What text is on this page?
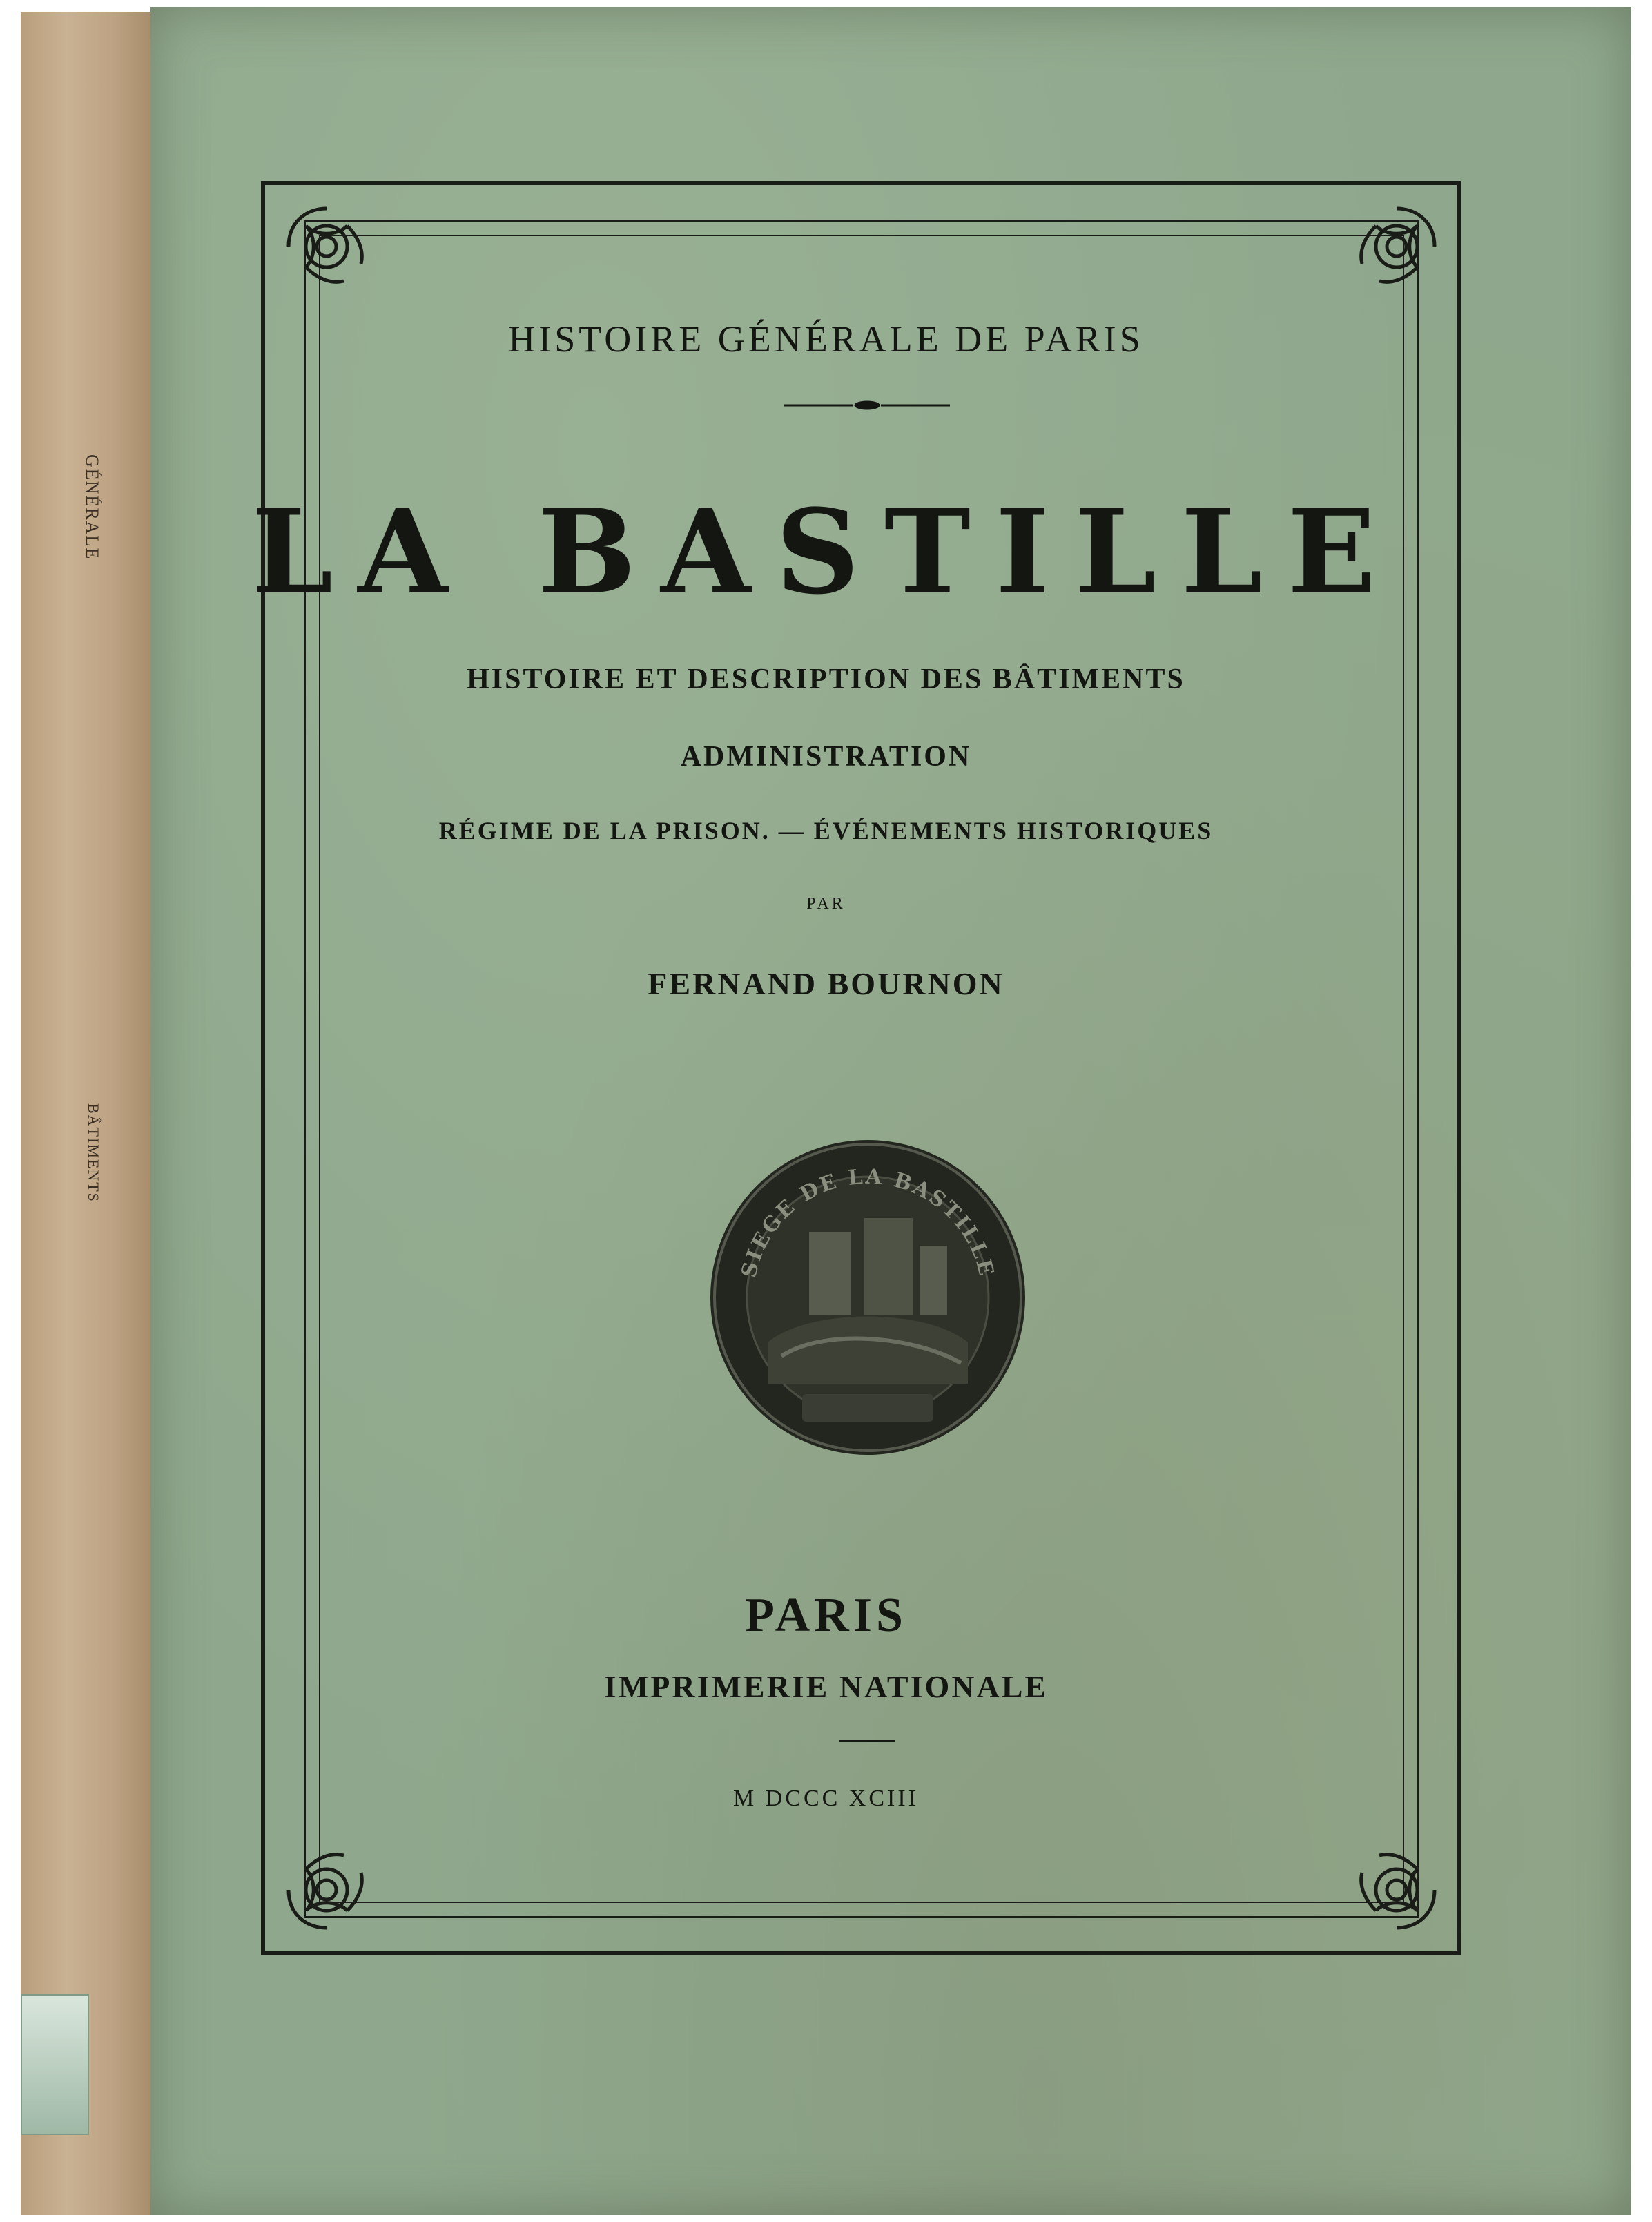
GÉNÉRALE
BÂTIMENTS
HISTOIRE GÉNÉRALE DE PARIS
LA BASTILLE
HISTOIRE ET DESCRIPTION DES BÂTIMENTS
ADMINISTRATION
RÉGIME DE LA PRISON. — ÉVÉNEMENTS HISTORIQUES
PAR
FERNAND BOURNON
SIEGE DE LA BASTILLE
PARIS
IMPRIMERIE NATIONALE
M DCCC XCIII
